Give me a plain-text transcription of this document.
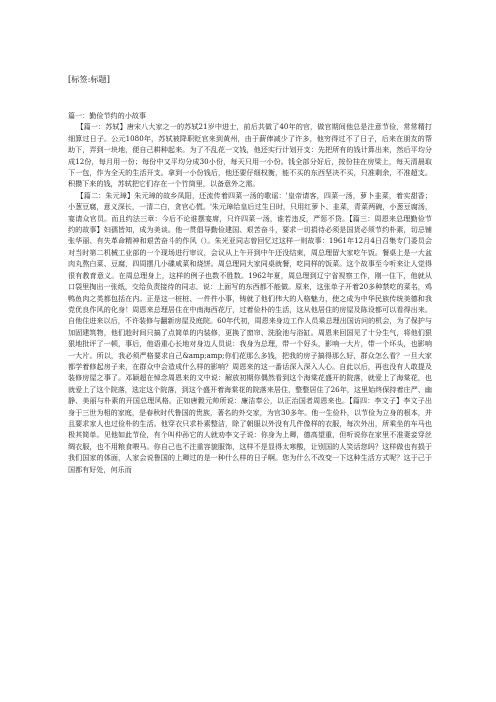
[标签:标题]

篇一：勤俭节约的小故事

【篇一：苏轼】唐宋八大家之一的苏轼21岁中进士，前后共做了40年的官，做官期间他总是注意节俭，常常精打细算过日子。公元1080年，苏轼被降职贬官来到黄州，由于薪俸减少了许多，他穷得过不了日子，后来在朋友的帮助下，弄到一块地，便自己耕种起来。为了不乱花一文钱，他还实行计划开支：先把所有的钱计算出来，然后平均分成12份，每月用一份；每份中又平均分成30小份，每天只用一小份。钱全部分好后，按份挂在房梁上，每天清晨取下一包，作为全天的生活开支。拿到一小份钱后，他还要仔细权衡，能不买的东西坚决不买，只准剩余，不准超支。积攒下来的钱，苏轼把它们存在一个竹筒里，以备意外之需。

【篇二：朱元璋】朱元璋的故乡凤阳，还流传着四菜一汤的歌谣：'皇帝请客，四菜一汤，萝卜韭菜，着实甜香；小葱豆腐，意义深长，一清二白，贪官心慌。'朱元璋给皇后过生日时，只用红萝卜、韭菜，青菜两碗，小葱豆腐汤，宴请众官员。而且约法三章：今后不论谁摆宴席，只许四菜一汤，谁若违反，严惩不贷。【篇三：周恩来总理勤俭节约的故事】妇孺皆知，成为美谈。他一贯倡导勤俭建国、艰苦奋斗，要求一切捐待必须是国货必须节约朴素，切忌铺张华丽、有失革命精神和艰苦奋斗的作风（）。朱光亚同志曾回忆过这样一则故事：1961年12月4日召集专门委员会对当时第二机械工业部的一个现场进行审议，会议从上午开到中午还没结束，周总理留大家吃午饭。餐桌上是一大盆肉丸熬白菜、豆腐，四周摆几小碟咸菜和烧饼。周总理同大家同桌就餐，吃同样的饭菜。这个故事至今听来让人觉得很有教育意义。在周总理身上，这样的例子也数不胜数。1962年夏，周总理到辽宁省视察工作，刚一住下，他就从口袋里掏出一张纸，交给负责接待的同志，说：上面写的东西都不能做。原来，这张单子开着20多种禁吃的菜名，鸡鸭鱼肉之类都包括在内。正是这一桩桩、一件件小事，铸就了他们伟大的人格魅力，使之成为中华民族传统美德和我党优良作风的化身！周恩来总理居住在中南海西花厅，过着俭朴的生活，这从他居住的房屋及陈设都可以看得出来。自他住进来以后，不许装修与翻新房屋及庭院。60年代初，周恩来身边工作人员乘总理出国访问的机会，为了保护与加固建筑物，他们趁时间只搞了点简单的内装修，更换了窗帘、洗脸池与浴缸。周恩来回国见了十分生气，将他们狠狠地批评了一顿，事后，他语重心长地对身边人员说：我身为总理，带一个好头，影响一大片，带一个坏头，也影响一大片。所以，我必须严格要求自己&amp;amp;你们花那么多钱，把我的房子搞得那么好，群众怎么看？一旦大家都学着修起房子来，在群众中会造成什么样的影响？周恩来的这一番话深入深入人心。自此以后，再也没有人敢提及装修房屋之事了。邓颖超在悼念周恩来的文中说：解放初期你偶然看到这个海棠花盛开的院落，就爱上了海棠花，也就爱上了这个院落，选定这个院落，到这个盛开着海棠花的院落来居住，整整居住了26年，这里始终保持着庄严、幽静、美丽与朴素的开国总理风格。正如唐穀元帅所说：廉洁奉公，以正治国者周恩来也。【篇四：李文子】李文子出身于三世为相的家庭，是春秋时代鲁国的贵族，著名的外交家，为官30多年。他一生俭朴，以节俭为立身的根本，并且要求家人也过俭朴的生活。他穿衣只求朴素整洁，除了朝服以外没有几件像样的衣服，每次外出，所乘坐的车马也极其简单。见他如此节俭，有个叫仲孙它的人就劝李文子说：你身为上卿，德高望重，但听说你在家里不准妻妾穿丝绸衣服，也不用粮食喂马。你自己也不注重容貌服饰，这样不是显得太寒酸，让别国的人笑话您吗？这样做也有损于我们国家的体面，人家会说鲁国的上卿过的是一种什么样的日子啊。您为什么不改变一下这种生活方式呢？这于己于国都有好处，何乐而
